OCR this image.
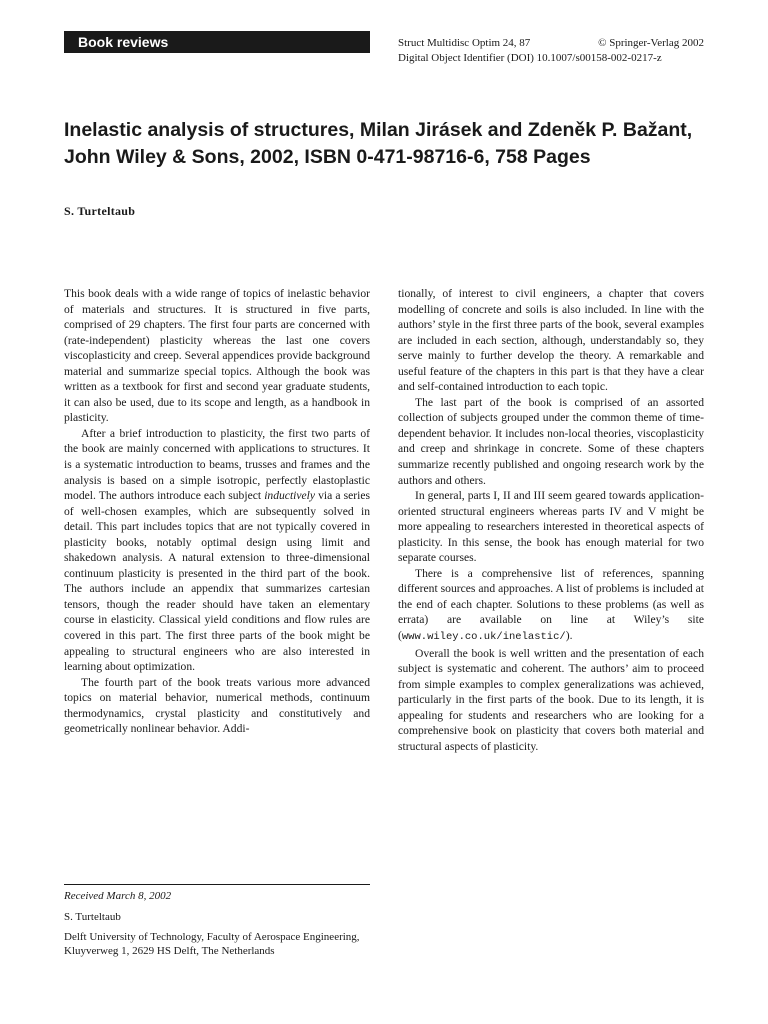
Book reviews	Struct Multidisc Optim 24, 87	© Springer-Verlag 2002
Digital Object Identifier (DOI) 10.1007/s00158-002-0217-z
Inelastic analysis of structures, Milan Jirásek and Zdeněk P. Bažant, John Wiley & Sons, 2002, ISBN 0-471-98716-6, 758 Pages
S. Turteltaub

This book deals with a wide range of topics of inelastic behavior of materials and structures. It is structured in five parts, comprised of 29 chapters. The first four parts are concerned with (rate-independent) plasticity whereas the last one covers viscoplasticity and creep. Several appendices provide background material and summarize special topics. Although the book was written as a textbook for first and second year graduate students, it can also be used, due to its scope and length, as a handbook in plasticity.

After a brief introduction to plasticity, the first two parts of the book are mainly concerned with applications to structures. It is a systematic introduction to beams, trusses and frames and the analysis is based on a simple isotropic, perfectly elastoplastic model. The authors introduce each subject inductively via a series of well-chosen examples, which are subsequently solved in detail. This part includes topics that are not typically covered in plasticity books, notably optimal design using limit and shakedown analysis. A natural extension to three-dimensional continuum plasticity is presented in the third part of the book. The authors include an appendix that summarizes cartesian tensors, though the reader should have taken an elementary course in elasticity. Classical yield conditions and flow rules are covered in this part. The first three parts of the book might be appealing to structural engineers who are also interested in learning about optimization.

The fourth part of the book treats various more advanced topics on material behavior, numerical methods, continuum thermodynamics, crystal plasticity and constitutively and geometrically nonlinear behavior. Addi-

tionally, of interest to civil engineers, a chapter that covers modelling of concrete and soils is also included. In line with the authors’ style in the first three parts of the book, several examples are included in each section, although, understandably so, they serve mainly to further develop the theory. A remarkable and useful feature of the chapters in this part is that they have a clear and self-contained introduction to each topic.

The last part of the book is comprised of an assorted collection of subjects grouped under the common theme of time-dependent behavior. It includes non-local theories, viscoplasticity and creep and shrinkage in concrete. Some of these chapters summarize recently published and ongoing research work by the authors and others.

In general, parts I, II and III seem geared towards application-oriented structural engineers whereas parts IV and V might be more appealing to researchers interested in theoretical aspects of plasticity. In this sense, the book has enough material for two separate courses.

There is a comprehensive list of references, spanning different sources and approaches. A list of problems is included at the end of each chapter. Solutions to these problems (as well as errata) are available on line at Wiley’s site (www.wiley.co.uk/inelastic/).

Overall the book is well written and the presentation of each subject is systematic and coherent. The authors’ aim to proceed from simple examples to complex generalizations was achieved, particularly in the first parts of the book. Due to its length, it is appealing for students and researchers who are looking for a comprehensive book on plasticity that covers both material and structural aspects of plasticity.

Received March 8, 2002
S. Turteltaub
Delft University of Technology, Faculty of Aerospace Engineering, Kluyverweg 1, 2629 HS Delft, The Netherlands
